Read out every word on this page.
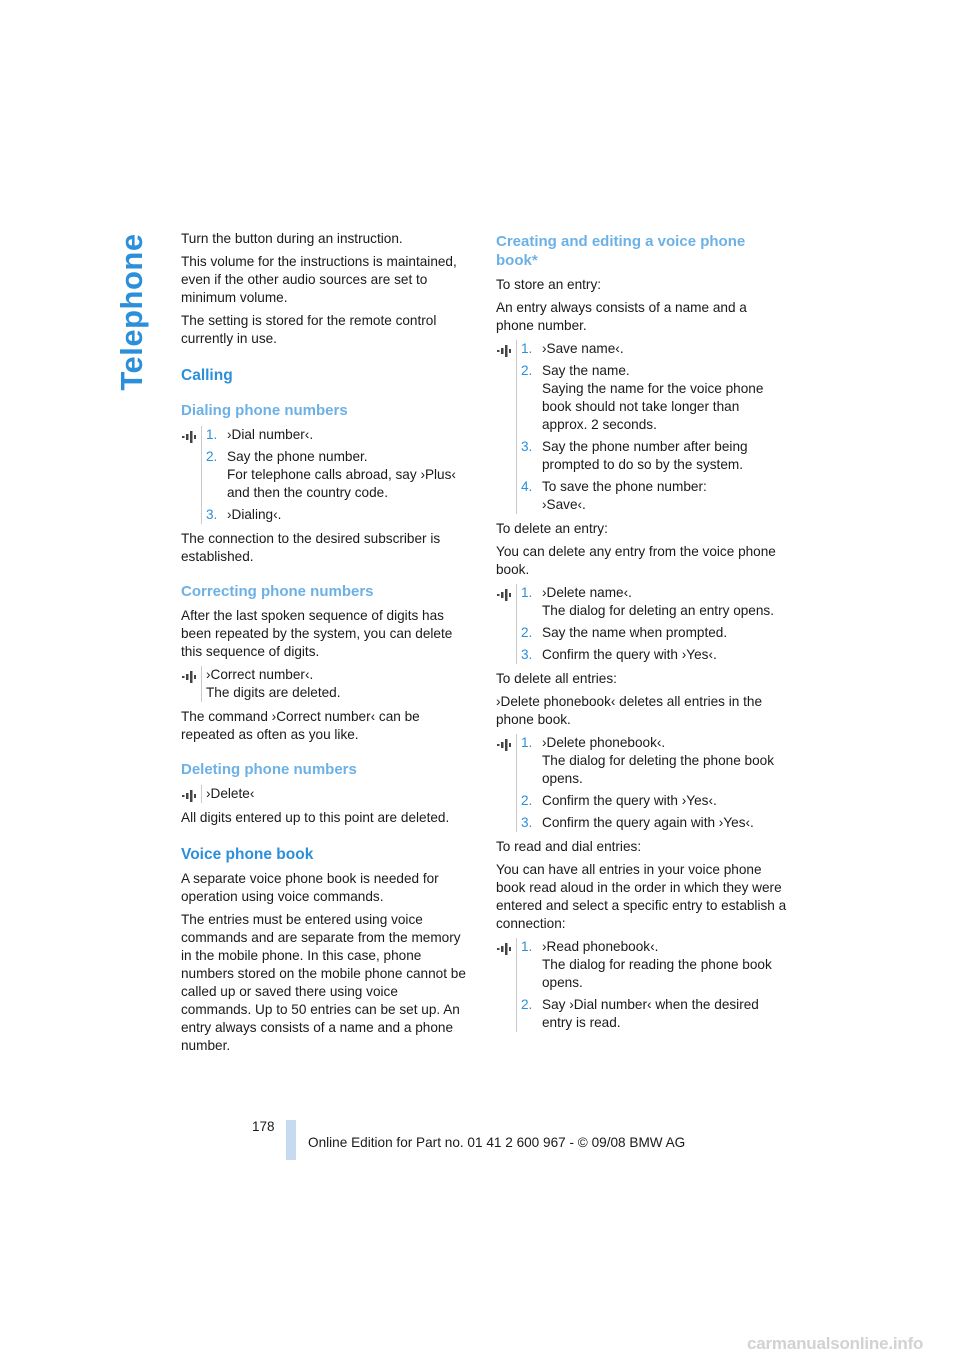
Telephone Turn the button during an instruction.

This volume for the instructions is maintained, even if the other audio sources are set to minimum volume.

The setting is stored for the remote control currently in use.

Calling
Dialing phone numbers
1. ›Dial number‹.
2. Say the phone number.
For telephone calls abroad, say ›Plus‹ and then the country code.
3. ›Dialing‹.

The connection to the desired subscriber is established.

Correcting phone numbers

After the last spoken sequence of digits has been repeated by the system, you can delete this sequence of digits.

›Correct number‹.
The digits are deleted.

The command ›Correct number‹ can be repeated as often as you like.

Deleting phone numbers
›Delete‹

All digits entered up to this point are deleted.

Voice phone book

A separate voice phone book is needed for operation using voice commands.

The entries must be entered using voice commands and are separate from the memory in the mobile phone. In this case, phone numbers stored on the mobile phone cannot be called up or saved there using voice commands. Up to 50 entries can be set up. An entry always consists of a name and a phone number.

Creating and editing a voice phone book*

To store an entry:

An entry always consists of a name and a phone number.

1. ›Save name‹.
2. Say the name.
Saying the name for the voice phone book should not take longer than approx. 2 seconds.
3. Say the phone number after being prompted to do so by the system.
4. To save the phone number:
›Save‹.

To delete an entry:

You can delete any entry from the voice phone book.

1. ›Delete name‹.
The dialog for deleting an entry opens.
2. Say the name when prompted.
3. Confirm the query with ›Yes‹.

To delete all entries:

›Delete phonebook‹ deletes all entries in the phone book.

1. ›Delete phonebook‹.
The dialog for deleting the phone book opens.
2. Confirm the query with ›Yes‹.
3. Confirm the query again with ›Yes‹.

To read and dial entries:

You can have all entries in your voice phone book read aloud in the order in which they were entered and select a specific entry to establish a connection:

1. ›Read phonebook‹.
The dialog for reading the phone book opens.
2. Say ›Dial number‹ when the desired entry is read.
178
Online Edition for Part no. 01 41 2 600 967 - © 09/08 BMW AG
carmanualsonline.info
